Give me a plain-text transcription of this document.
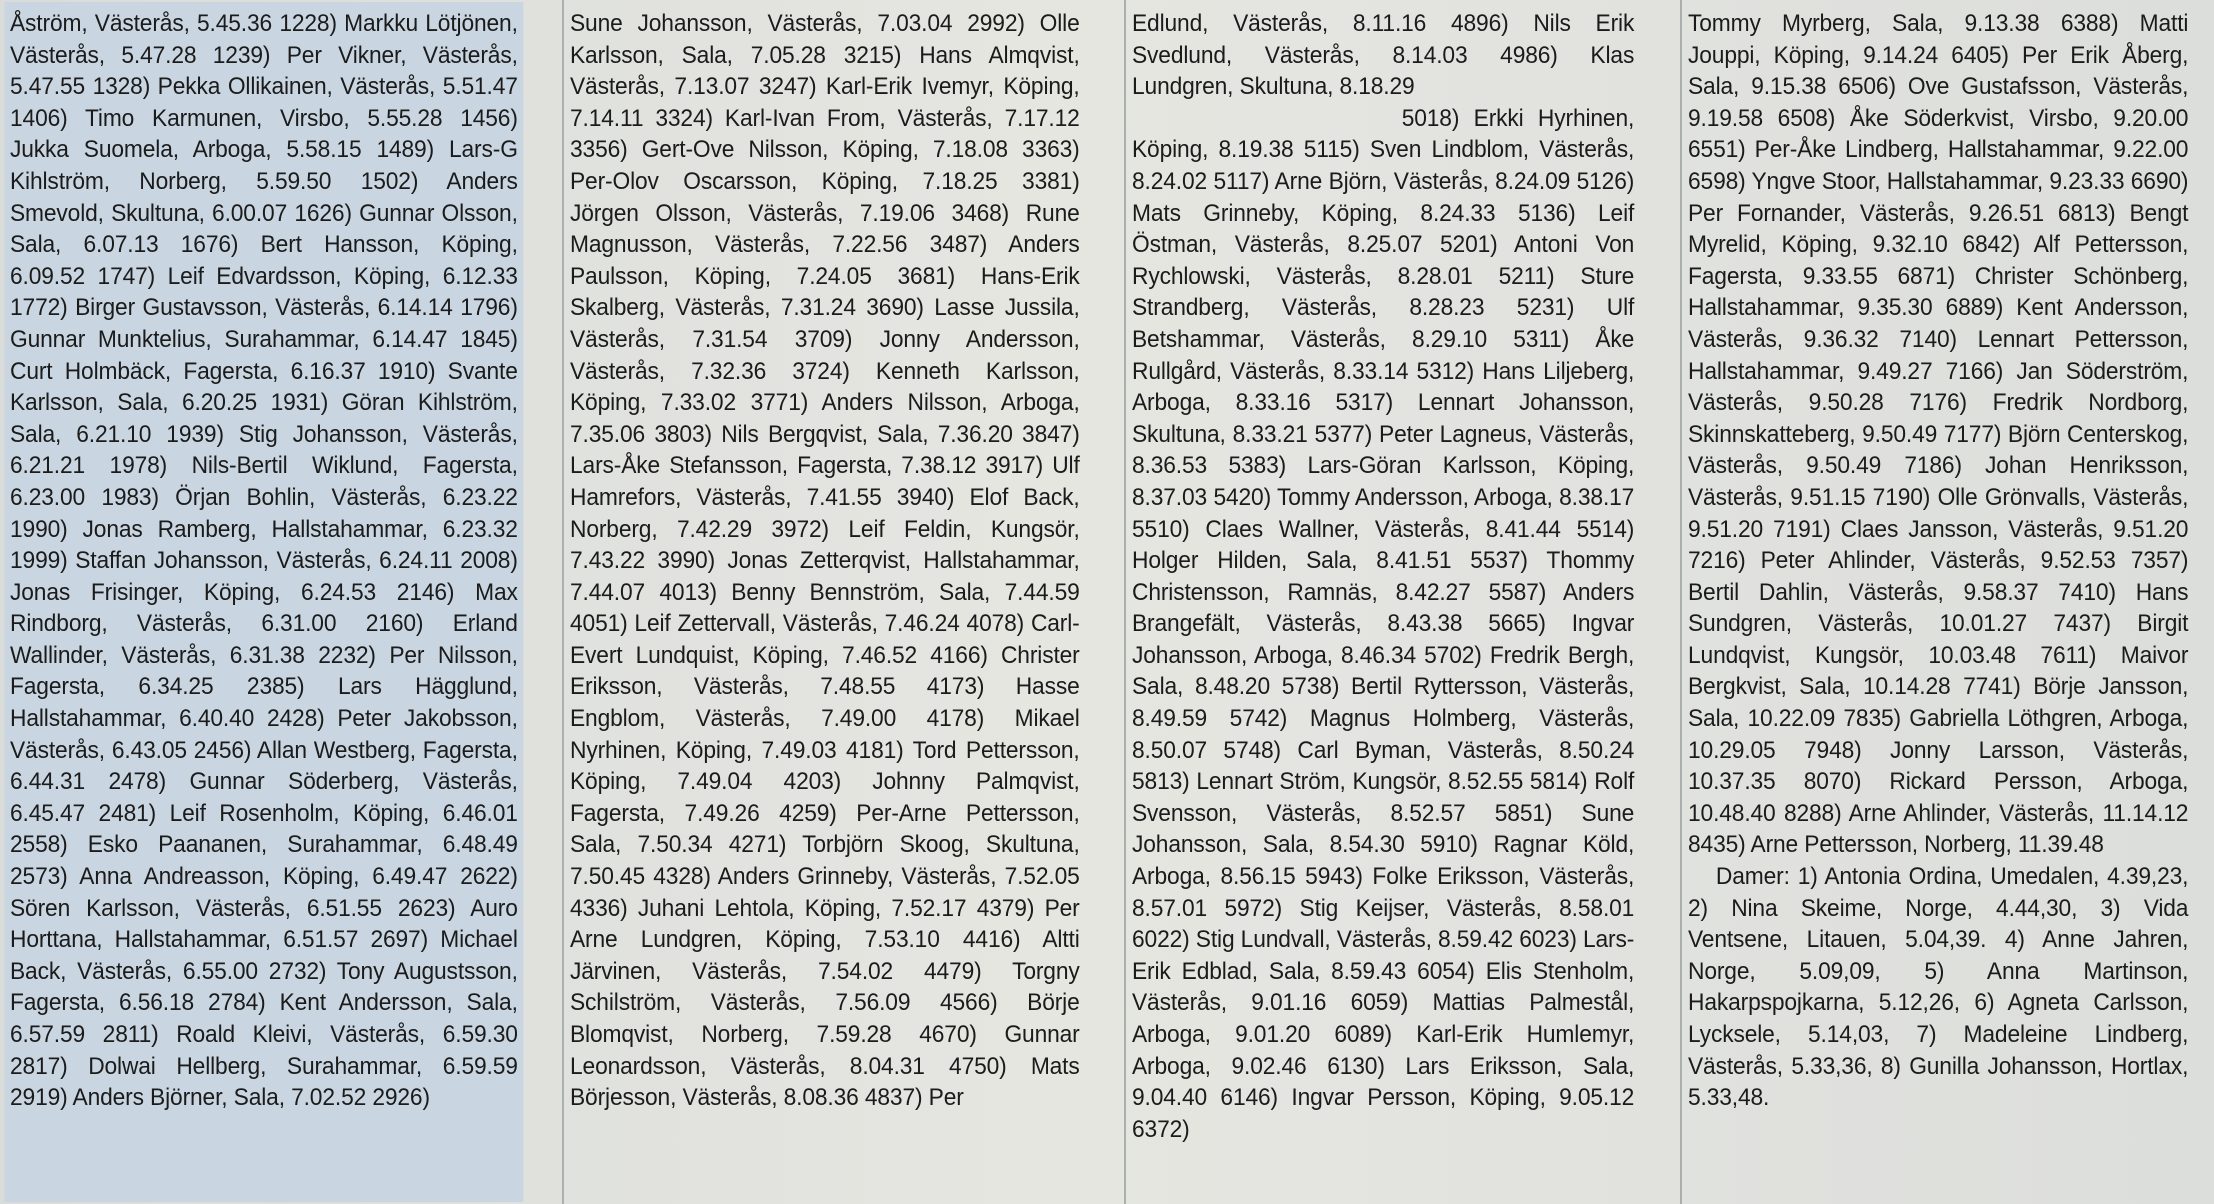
Åström, Västerås, 5.45.36 1228) Markku Lötjönen, Västerås, 5.47.28 1239) Per Vikner, Västerås, 5.47.55 1328) Pekka Ollikainen, Västerås, 5.51.47 1406) Timo Karmunen, Virsbo, 5.55.28 1456) Jukka Suomela, Arboga, 5.58.15 1489) Lars-G Kihlström, Norberg, 5.59.50 1502) Anders Smevold, Skultuna, 6.00.07 1626) Gunnar Olsson, Sala, 6.07.13 1676) Bert Hansson, Köping, 6.09.52 1747) Leif Edvardsson, Köping, 6.12.33 1772) Birger Gustavsson, Västerås, 6.14.14 1796) Gunnar Munktelius, Surahammar, 6.14.47 1845) Curt Holmbäck, Fagersta, 6.16.37 1910) Svante Karlsson, Sala, 6.20.25 1931) Göran Kihlström, Sala, 6.21.10 1939) Stig Johansson, Västerås, 6.21.21 1978) Nils-Bertil Wiklund, Fagersta, 6.23.00 1983) Örjan Bohlin, Västerås, 6.23.22 1990) Jonas Ramberg, Hallstahammar, 6.23.32 1999) Staffan Johansson, Västerås, 6.24.11 2008) Jonas Frisinger, Köping, 6.24.53 2146) Max Rindborg, Västerås, 6.31.00 2160) Erland Wallinder, Västerås, 6.31.38 2232) Per Nilsson, Fagersta, 6.34.25 2385) Lars Hägglund, Hallstahammar, 6.40.40 2428) Peter Jakobsson, Västerås, 6.43.05 2456) Allan Westberg, Fagersta, 6.44.31 2478) Gunnar Söderberg, Västerås, 6.45.47 2481) Leif Rosenholm, Köping, 6.46.01 2558) Esko Paananen, Surahammar, 6.48.49 2573) Anna Andreasson, Köping, 6.49.47 2622) Sören Karlsson, Västerås, 6.51.55 2623) Auro Horttana, Hallstahammar, 6.51.57 2697) Michael Back, Västerås, 6.55.00 2732) Tony Augustsson, Fagersta, 6.56.18 2784) Kent Andersson, Sala, 6.57.59 2811) Roald Kleivi, Västerås, 6.59.30 2817) Dolwai Hellberg, Surahammar, 6.59.59 2919) Anders Björner, Sala, 7.02.52 2926)

Sune Johansson, Västerås, 7.03.04 2992) Olle Karlsson, Sala, 7.05.28 3215) Hans Almqvist, Västerås, 7.13.07 3247) Karl-Erik Ivemyr, Köping, 7.14.11 3324) Karl-Ivan From, Västerås, 7.17.12 3356) Gert-Ove Nilsson, Köping, 7.18.08 3363) Per-Olov Oscarsson, Köping, 7.18.25 3381) Jörgen Olsson, Västerås, 7.19.06 3468) Rune Magnusson, Västerås, 7.22.56 3487) Anders Paulsson, Köping, 7.24.05 3681) Hans-Erik Skalberg, Västerås, 7.31.24 3690) Lasse Jussila, Västerås, 7.31.54 3709) Jonny Andersson, Västerås, 7.32.36 3724) Kenneth Karlsson, Köping, 7.33.02 3771) Anders Nilsson, Arboga, 7.35.06 3803) Nils Bergqvist, Sala, 7.36.20 3847) Lars-Åke Stefansson, Fagersta, 7.38.12 3917) Ulf Hamrefors, Västerås, 7.41.55 3940) Elof Back, Norberg, 7.42.29 3972) Leif Feldin, Kungsör, 7.43.22 3990) Jonas Zetterqvist, Hallstahammar, 7.44.07 4013) Benny Bennström, Sala, 7.44.59 4051) Leif Zettervall, Västerås, 7.46.24 4078) Carl-Evert Lundquist, Köping, 7.46.52 4166) Christer Eriksson, Västerås, 7.48.55 4173) Hasse Engblom, Västerås, 7.49.00 4178) Mikael Nyrhinen, Köping, 7.49.03 4181) Tord Pettersson, Köping, 7.49.04 4203) Johnny Palmqvist, Fagersta, 7.49.26 4259) Per-Arne Pettersson, Sala, 7.50.34 4271) Torbjörn Skoog, Skultuna, 7.50.45 4328) Anders Grinneby, Västerås, 7.52.05 4336) Juhani Lehtola, Köping, 7.52.17 4379) Per Arne Lundgren, Köping, 7.53.10 4416) Altti Järvinen, Västerås, 7.54.02 4479) Torgny Schilström, Västerås, 7.56.09 4566) Börje Blomqvist, Norberg, 7.59.28 4670) Gunnar Leonardsson, Västerås, 8.04.31 4750) Mats Börjesson, Västerås, 8.08.36 4837) Per

Edlund, Västerås, 8.11.16 4896) Nils Erik Svedlund, Västerås, 8.14.03 4986) Klas Lundgren, Skultuna, 8.18.29

5018) Erkki Hyrhinen, Köping, 8.19.38 5115) Sven Lindblom, Västerås, 8.24.02 5117) Arne Björn, Västerås, 8.24.09 5126) Mats Grinneby, Köping, 8.24.33 5136) Leif Östman, Västerås, 8.25.07 5201) Antoni Von Rychlowski, Västerås, 8.28.01 5211) Sture Strandberg, Västerås, 8.28.23 5231) Ulf Betshammar, Västerås, 8.29.10 5311) Åke Rullgård, Västerås, 8.33.14 5312) Hans Liljeberg, Arboga, 8.33.16 5317) Lennart Johansson, Skultuna, 8.33.21 5377) Peter Lagneus, Västerås, 8.36.53 5383) Lars-Göran Karlsson, Köping, 8.37.03 5420) Tommy Andersson, Arboga, 8.38.17 5510) Claes Wallner, Västerås, 8.41.44 5514) Holger Hilden, Sala, 8.41.51 5537) Thommy Christensson, Ramnäs, 8.42.27 5587) Anders Brangefält, Västerås, 8.43.38 5665) Ingvar Johansson, Arboga, 8.46.34 5702) Fredrik Bergh, Sala, 8.48.20 5738) Bertil Ryttersson, Västerås, 8.49.59 5742) Magnus Holmberg, Västerås, 8.50.07 5748) Carl Byman, Västerås, 8.50.24 5813) Lennart Ström, Kungsör, 8.52.55 5814) Rolf Svensson, Västerås, 8.52.57 5851) Sune Johansson, Sala, 8.54.30 5910) Ragnar Köld, Arboga, 8.56.15 5943) Folke Eriksson, Västerås, 8.57.01 5972) Stig Keijser, Västerås, 8.58.01 6022) Stig Lundvall, Västerås, 8.59.42 6023) Lars-Erik Edblad, Sala, 8.59.43 6054) Elis Stenholm, Västerås, 9.01.16 6059) Mattias Palmestål, Arboga, 9.01.20 6089) Karl-Erik Humlemyr, Arboga, 9.02.46 6130) Lars Eriksson, Sala, 9.04.40 6146) Ingvar Persson, Köping, 9.05.12 6372)

Tommy Myrberg, Sala, 9.13.38 6388) Matti Jouppi, Köping, 9.14.24 6405) Per Erik Åberg, Sala, 9.15.38 6506) Ove Gustafsson, Västerås, 9.19.58 6508) Åke Söderkvist, Virsbo, 9.20.00 6551) Per-Åke Lindberg, Hallstahammar, 9.22.00 6598) Yngve Stoor, Hallstahammar, 9.23.33 6690) Per Fornander, Västerås, 9.26.51 6813) Bengt Myrelid, Köping, 9.32.10 6842) Alf Pettersson, Fagersta, 9.33.55 6871) Christer Schönberg, Hallstahammar, 9.35.30 6889) Kent Andersson, Västerås, 9.36.32 7140) Lennart Pettersson, Hallstahammar, 9.49.27 7166) Jan Söderström, Västerås, 9.50.28 7176) Fredrik Nordborg, Skinnskatteberg, 9.50.49 7177) Björn Centerskog, Västerås, 9.50.49 7186) Johan Henriksson, Västerås, 9.51.15 7190) Olle Grönvalls, Västerås, 9.51.20 7191) Claes Jansson, Västerås, 9.51.20 7216) Peter Ahlinder, Västerås, 9.52.53 7357) Bertil Dahlin, Västerås, 9.58.37 7410) Hans Sundgren, Västerås, 10.01.27 7437) Birgit Lundqvist, Kungsör, 10.03.48 7611) Maivor Bergkvist, Sala, 10.14.28 7741) Börje Jansson, Sala, 10.22.09 7835) Gabriella Löthgren, Arboga, 10.29.05 7948) Jonny Larsson, Västerås, 10.37.35 8070) Rickard Persson, Arboga, 10.48.40 8288) Arne Ahlinder, Västerås, 11.14.12 8435) Arne Pettersson, Norberg, 11.39.48

Damer: 1) Antonia Ordina, Umedalen, 4.39,23, 2) Nina Skeime, Norge, 4.44,30, 3) Vida Ventsene, Litauen, 5.04,39. 4) Anne Jahren, Norge, 5.09,09, 5) Anna Martinson, Hakarpspojkarna, 5.12,26, 6) Agneta Carlsson, Lycksele, 5.14,03, 7) Madeleine Lindberg, Västerås, 5.33,36, 8) Gunilla Johansson, Hortlax, 5.33,48.
